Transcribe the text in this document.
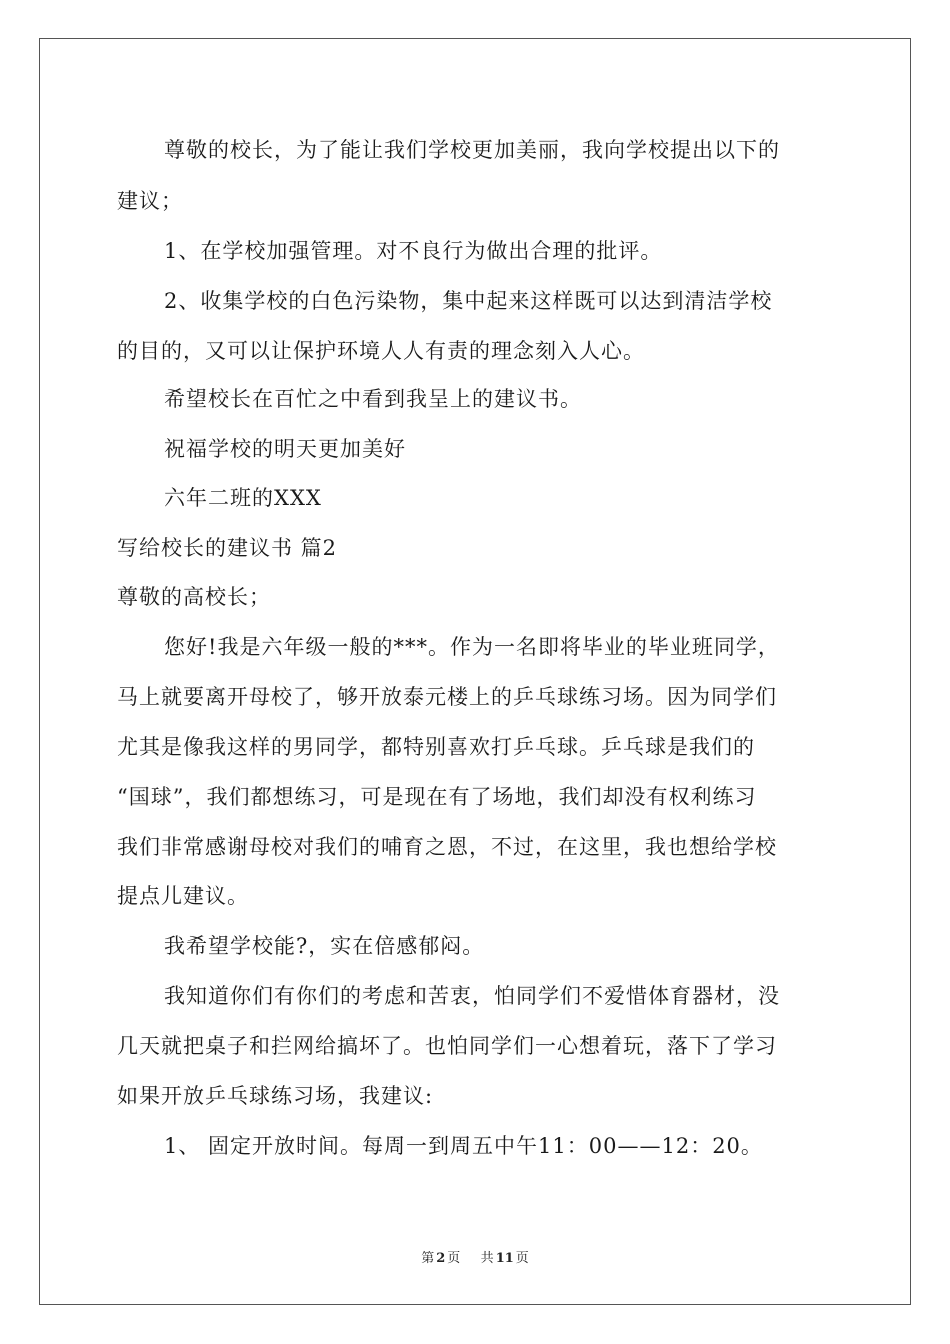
尊敬的校长，为了能让我们学校更加美丽，我向学校提出以下的
建议；
1、在学校加强管理。对不良行为做出合理的批评。
2、收集学校的白色污染物，集中起来这样既可以达到清洁学校
的目的，又可以让保护环境人人有责的理念刻入人心。
希望校长在百忙之中看到我呈上的建议书。
祝福学校的明天更加美好
六年二班的XXX
写给校长的建议书 篇2
尊敬的高校长；
您好!我是六年级一般的***。作为一名即将毕业的毕业班同学，
马上就要离开母校了，够开放泰元楼上的乒乓球练习场。因为同学们
尤其是像我这样的男同学，都特别喜欢打乒乓球。乒乓球是我们的
“国球”，我们都想练习，可是现在有了场地，我们却没有权利练习
我们非常感谢母校对我们的哺育之恩，不过，在这里，我也想给学校
提点儿建议。
我希望学校能?，实在倍感郁闷。
我知道你们有你们的考虑和苦衷，怕同学们不爱惜体育器材，没
几天就把桌子和拦网给搞坏了。也怕同学们一心想着玩，落下了学习
如果开放乒乓球练习场，我建议:
1、 固定开放时间。每周一到周五中午11：00——12：20。
第 2 页 共 11 页
